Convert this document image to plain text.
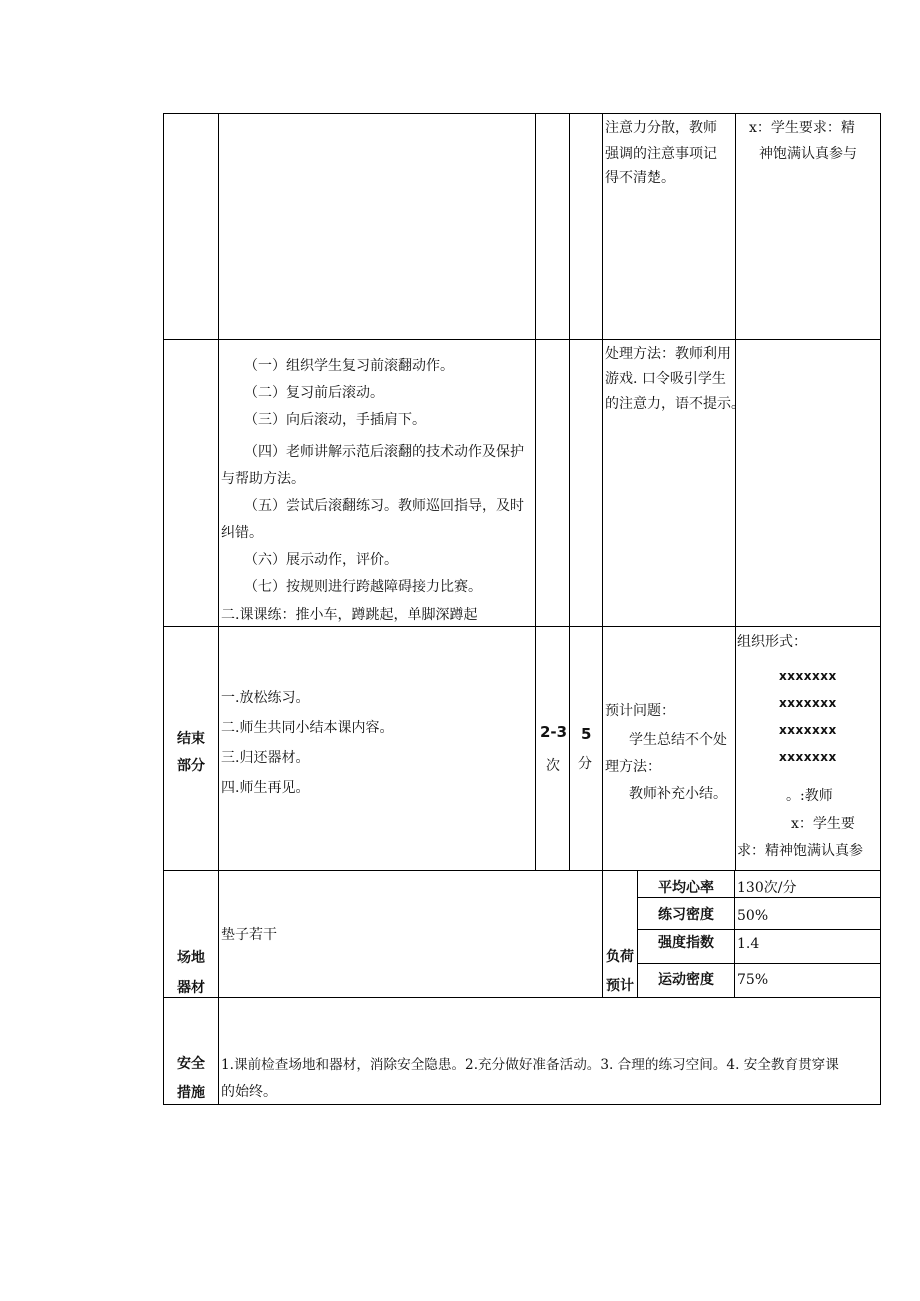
注意力分散，教师
强调的注意事项记
得不清楚。
x：学生要求：精
神饱满认真参与
（一）组织学生复习前滚翻动作。
（二）复习前后滚动。
（三）向后滚动，手插肩下。
（四）老师讲解示范后滚翻的技术动作及保护
与帮助方法。
（五）尝试后滚翻练习。教师巡回指导，及时
纠错。
（六）展示动作，评价。
（七）按规则进行跨越障碍接力比赛。
二.课课练：推小车，蹲跳起，单脚深蹲起
处理方法：教师利用
游戏. 口令吸引学生
的注意力，语不提示。
结束
部分
一.放松练习。
二.师生共同小结本课内容。
三.归还器材。
四.师生再见。
2-3
次
5
分
预计问题：
学生总结不个处
理方法：
教师补充小结。
组织形式：
xxxxxxx
xxxxxxx
xxxxxxx
xxxxxxx
。:教师
x：学生要
求：精神饱满认真参
场地
器材
垫子若干
负荷
预计
平均心率 130次/分
练习密度 50%
强度指数 1.4
运动密度 75%
安全
措施
1.课前检查场地和器材，消除安全隐患。2.充分做好准备活动。3. 合理的练习空间。4. 安全教育贯穿课
的始终。
